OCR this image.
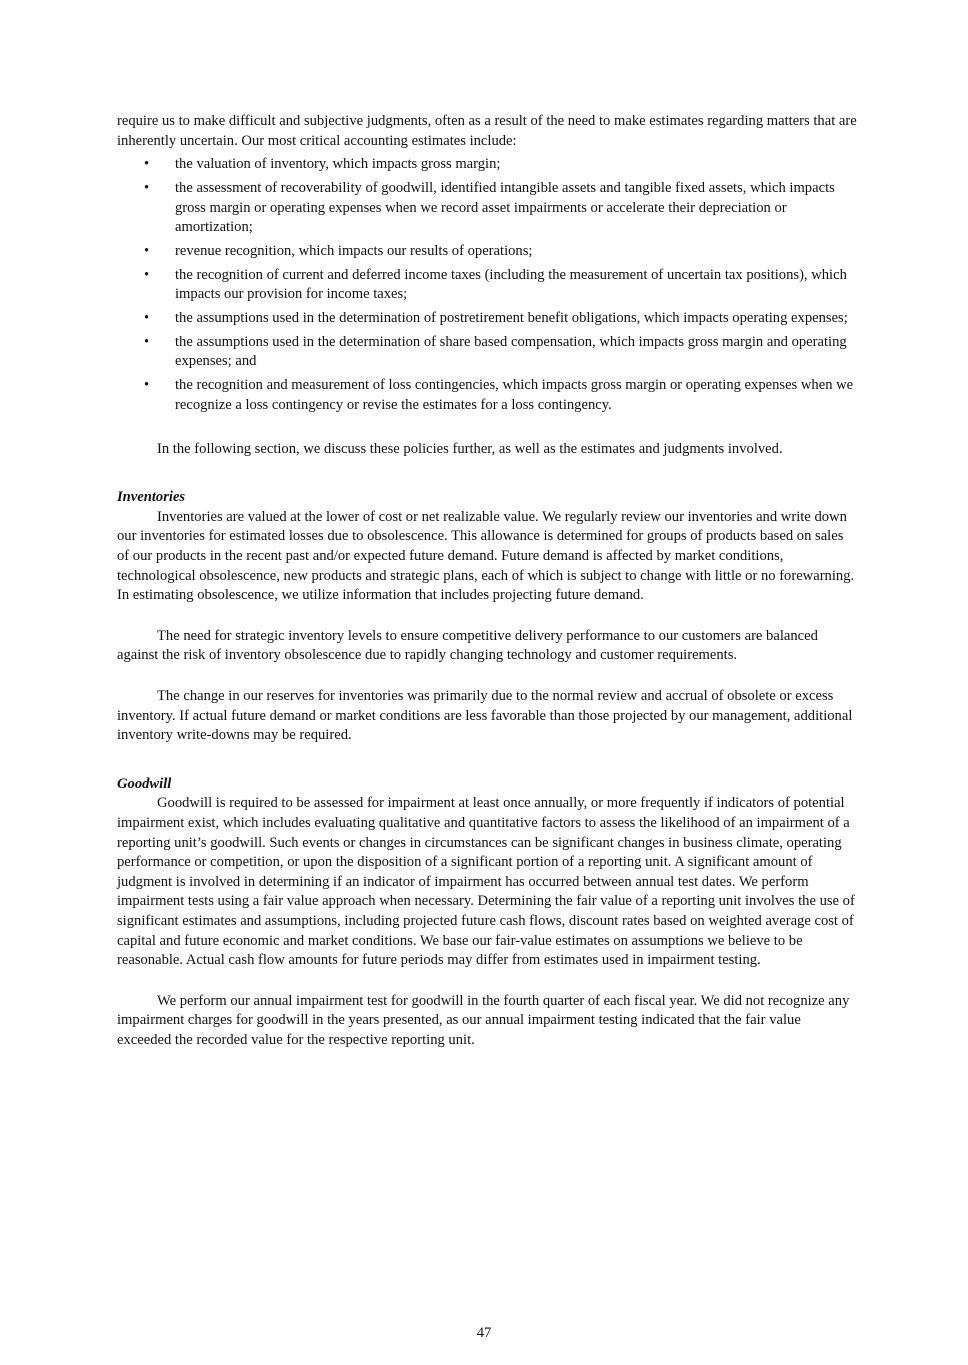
require us to make difficult and subjective judgments, often as a result of the need to make estimates regarding matters that are inherently uncertain. Our most critical accounting estimates include:

• the valuation of inventory, which impacts gross margin;
• the assessment of recoverability of goodwill, identified intangible assets and tangible fixed assets, which impacts gross margin or operating expenses when we record asset impairments or accelerate their depreciation or amortization;
• revenue recognition, which impacts our results of operations;
• the recognition of current and deferred income taxes (including the measurement of uncertain tax positions), which impacts our provision for income taxes;
• the assumptions used in the determination of postretirement benefit obligations, which impacts operating expenses;
• the assumptions used in the determination of share based compensation, which impacts gross margin and operating expenses; and
• the recognition and measurement of loss contingencies, which impacts gross margin or operating expenses when we recognize a loss contingency or revise the estimates for a loss contingency.

In the following section, we discuss these policies further, as well as the estimates and judgments involved.

Inventories

Inventories are valued at the lower of cost or net realizable value. We regularly review our inventories and write down our inventories for estimated losses due to obsolescence. This allowance is determined for groups of products based on sales of our products in the recent past and/or expected future demand. Future demand is affected by market conditions, technological obsolescence, new products and strategic plans, each of which is subject to change with little or no forewarning. In estimating obsolescence, we utilize information that includes projecting future demand.

The need for strategic inventory levels to ensure competitive delivery performance to our customers are balanced against the risk of inventory obsolescence due to rapidly changing technology and customer requirements.

The change in our reserves for inventories was primarily due to the normal review and accrual of obsolete or excess inventory. If actual future demand or market conditions are less favorable than those projected by our management, additional inventory write-downs may be required.

Goodwill

Goodwill is required to be assessed for impairment at least once annually, or more frequently if indicators of potential impairment exist, which includes evaluating qualitative and quantitative factors to assess the likelihood of an impairment of a reporting unit’s goodwill. Such events or changes in circumstances can be significant changes in business climate, operating performance or competition, or upon the disposition of a significant portion of a reporting unit. A significant amount of judgment is involved in determining if an indicator of impairment has occurred between annual test dates. We perform impairment tests using a fair value approach when necessary. Determining the fair value of a reporting unit involves the use of significant estimates and assumptions, including projected future cash flows, discount rates based on weighted average cost of capital and future economic and market conditions. We base our fair-value estimates on assumptions we believe to be reasonable. Actual cash flow amounts for future periods may differ from estimates used in impairment testing.

We perform our annual impairment test for goodwill in the fourth quarter of each fiscal year. We did not recognize any impairment charges for goodwill in the years presented, as our annual impairment testing indicated that the fair value exceeded the recorded value for the respective reporting unit.

47
